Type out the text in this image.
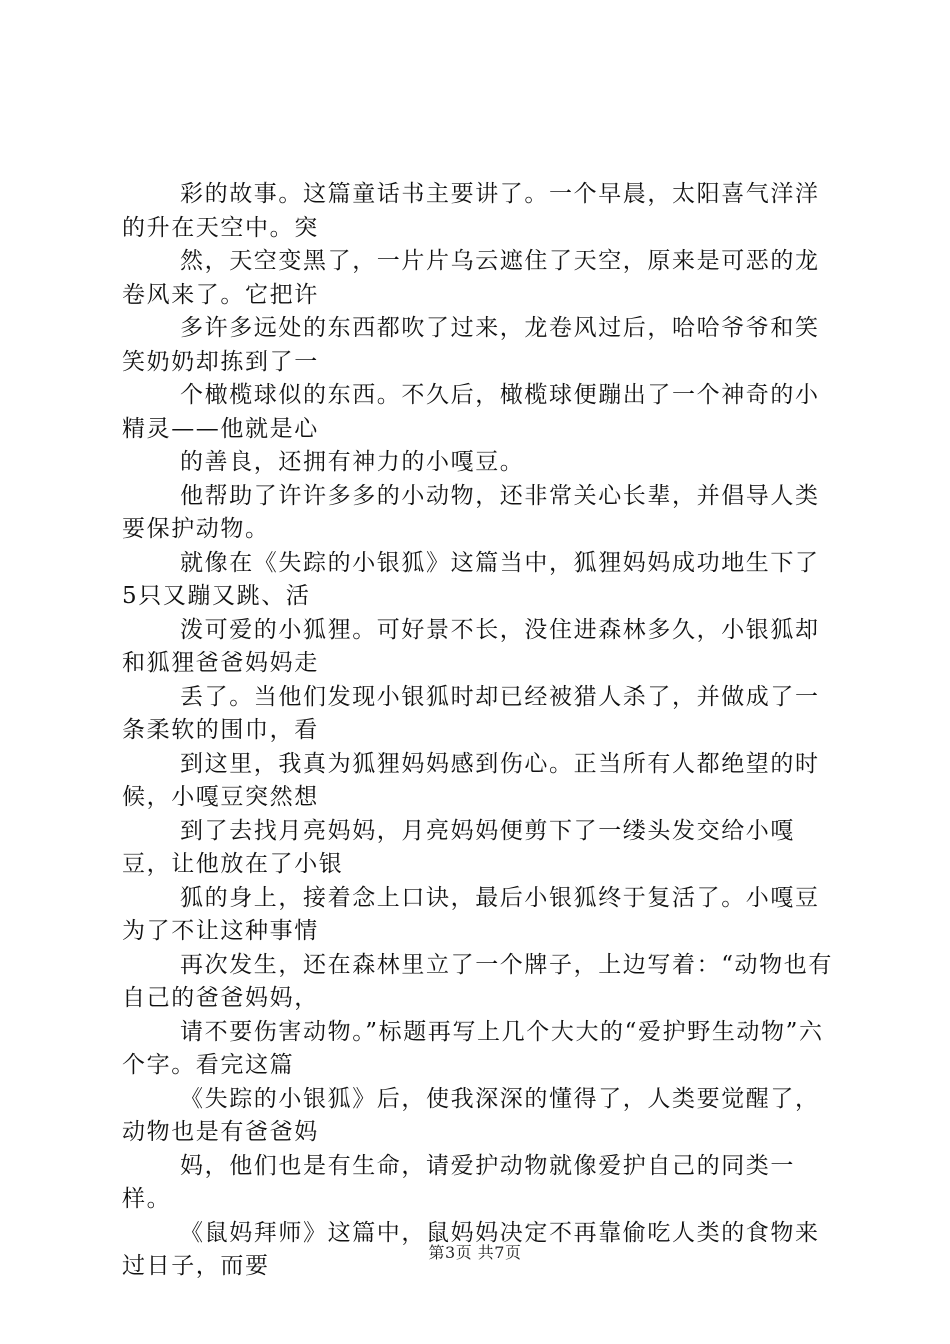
彩的故事。这篇童话书主要讲了。一个早晨，太阳喜气洋洋的升在天空中。突

然，天空变黑了，一片片乌云遮住了天空，原来是可恶的龙卷风来了。它把许

多许多远处的东西都吹了过来，龙卷风过后，哈哈爷爷和笑笑奶奶却拣到了一

个橄榄球似的东西。不久后，橄榄球便蹦出了一个神奇的小精灵——他就是心

的善良，还拥有神力的小嘎豆。

他帮助了许许多多的小动物，还非常关心长辈，并倡导人类要保护动物。

就像在《失踪的小银狐》这篇当中，狐狸妈妈成功地生下了5只又蹦又跳、活

泼可爱的小狐狸。可好景不长，没住进森林多久，小银狐却和狐狸爸爸妈妈走

丢了。当他们发现小银狐时却已经被猎人杀了，并做成了一条柔软的围巾，看

到这里，我真为狐狸妈妈感到伤心。正当所有人都绝望的时候，小嘎豆突然想

到了去找月亮妈妈，月亮妈妈便剪下了一缕头发交给小嘎豆，让他放在了小银

狐的身上，接着念上口诀，最后小银狐终于复活了。小嘎豆为了不让这种事情

再次发生，还在森林里立了一个牌子，上边写着：“动物也有自己的爸爸妈妈，

请不要伤害动物。”标题再写上几个大大的“爱护野生动物”六个字。看完这篇

《失踪的小银狐》后，使我深深的懂得了，人类要觉醒了，动物也是有爸爸妈

妈，他们也是有生命，请爱护动物就像爱护自己的同类一样。

《鼠妈拜师》这篇中，鼠妈妈决定不再靠偷吃人类的食物来过日子，而要

第3页 共7页
